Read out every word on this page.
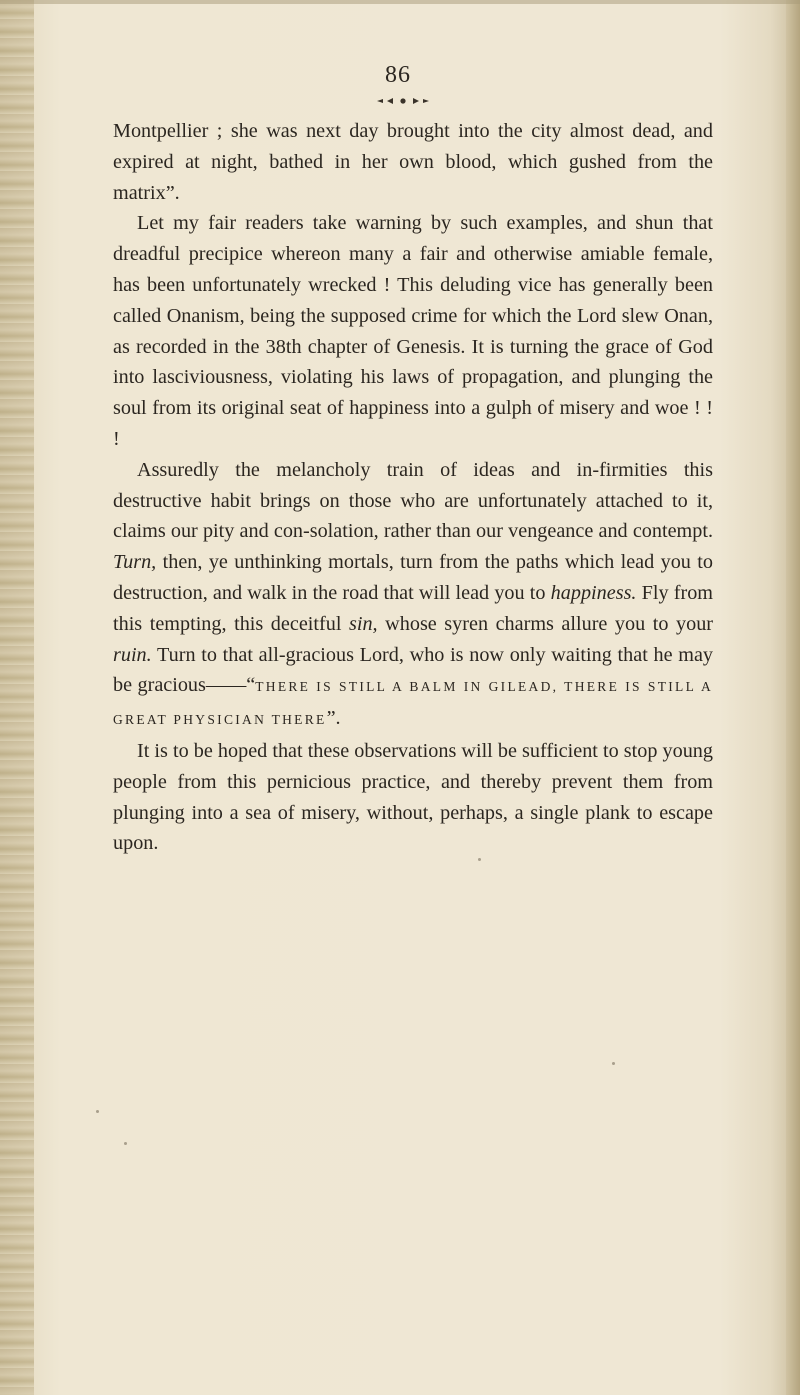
86

Montpellier ; she was next day brought into the city almost dead, and expired at night, bathed in her own blood, which gushed from the matrix”.

Let my fair readers take warning by such examples, and shun that dreadful precipice whereon many a fair and otherwise amiable female, has been unfortunately wrecked ! This deluding vice has generally been called Onanism, being the supposed crime for which the Lord slew Onan, as recorded in the 38th chapter of Genesis. It is turning the grace of God into lasciviousness, violating his laws of propagation, and plunging the soul from its original seat of happiness into a gulph of misery and woe ! ! !

Assuredly the melancholy train of ideas and in-firmities this destructive habit brings on those who are unfortunately attached to it, claims our pity and con-solation, rather than our vengeance and contempt. Turn, then, ye unthinking mortals, turn from the paths which lead you to destruction, and walk in the road that will lead you to happiness. Fly from this tempting, this deceitful sin, whose syren charms allure you to your ruin. Turn to that all-gracious Lord, who is now only waiting that he may be gracious——“THERE IS STILL A BALM IN GILEAD, THERE IS STILL A GREAT PHYSICIAN THERE”.

It is to be hoped that these observations will be sufficient to stop young people from this pernicious practice, and thereby prevent them from plunging into a sea of misery, without, perhaps, a single plank to escape upon.
